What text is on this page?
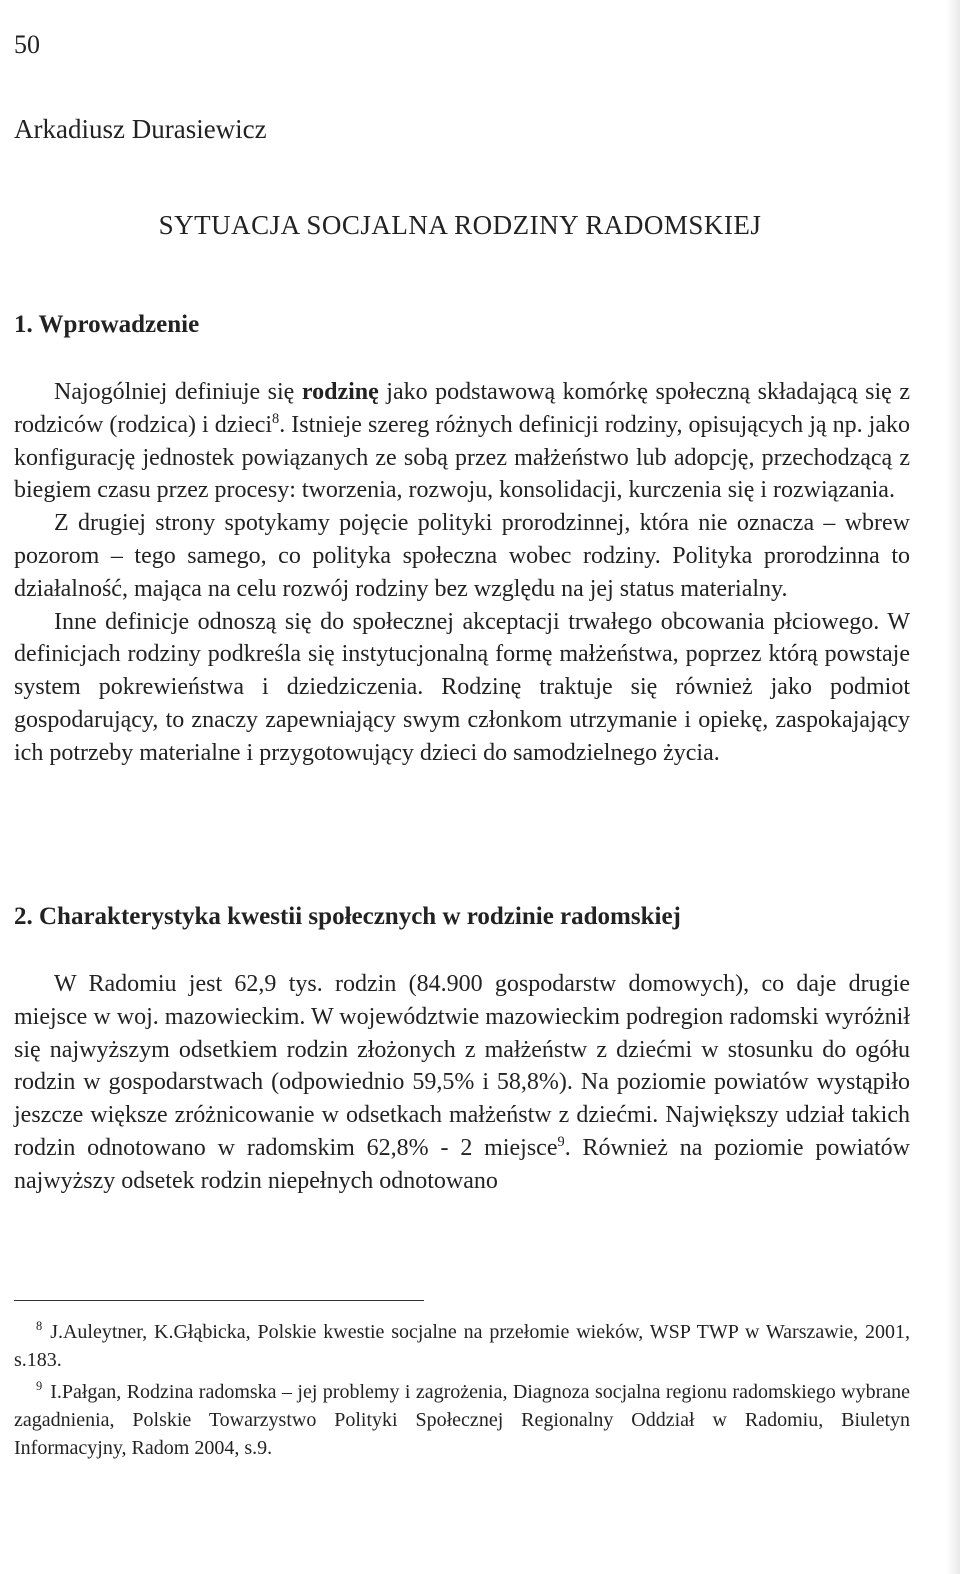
50
Arkadiusz Durasiewicz
SYTUACJA SOCJALNA RODZINY RADOMSKIEJ
1. Wprowadzenie

Najogólniej definiuje się rodzinę jako podstawową komórkę społeczną składającą się z rodziców (rodzica) i dzieci$^8$. Istnieje szereg różnych definicji rodziny, opisujących ją np. jako konfigurację jednostek powiązanych ze sobą przez małżeństwo lub adopcję, przechodzącą z biegiem czasu przez procesy: tworzenia, rozwoju, konsolidacji, kurczenia się i rozwiązania.

Z drugiej strony spotykamy pojęcie polityki prorodzinnej, która nie oznacza – wbrew pozorom – tego samego, co polityka społeczna wobec rodziny. Polityka prorodzinna to działalność, mająca na celu rozwój rodziny bez względu na jej status materialny.

Inne definicje odnoszą się do społecznej akceptacji trwałego obcowania płciowego. W definicjach rodziny podkreśla się instytucjonalną formę małżeństwa, poprzez którą powstaje system pokrewieństwa i dziedziczenia. Rodzinę traktuje się również jako podmiot gospodarujący, to znaczy zapewniający swym członkom utrzymanie i opiekę, zaspokajający ich potrzeby materialne i przygotowujący dzieci do samodzielnego życia.

2. Charakterystyka kwestii społecznych w rodzinie radomskiej

W Radomiu jest 62,9 tys. rodzin (84.900 gospodarstw domowych), co daje drugie miejsce w woj. mazowieckim. W województwie mazowieckim podregion radomski wyróżnił się najwyższym odsetkiem rodzin złożonych z małżeństw z dziećmi w stosunku do ogółu rodzin w gospodarstwach (odpowiednio 59,5% i 58,8%). Na poziomie powiatów wystąpiło jeszcze większe zróżnicowanie w odsetkach małżeństw z dziećmi. Największy udział takich rodzin odnotowano w radomskim 62,8% - 2 miejsce$^9$. Również na poziomie powiatów najwyższy odsetek rodzin niepełnych odnotowano

$^8$ J.Auleytner, K.Głąbicka, Polskie kwestie socjalne na przełomie wieków, WSP TWP w Warszawie, 2001, s.183.

$^9$ I.Pałgan, Rodzina radomska – jej problemy i zagrożenia, Diagnoza socjalna regionu radomskiego wybrane zagadnienia, Polskie Towarzystwo Polityki Społecznej Regionalny Oddział w Radomiu, Biuletyn Informacyjny, Radom 2004, s.9.
